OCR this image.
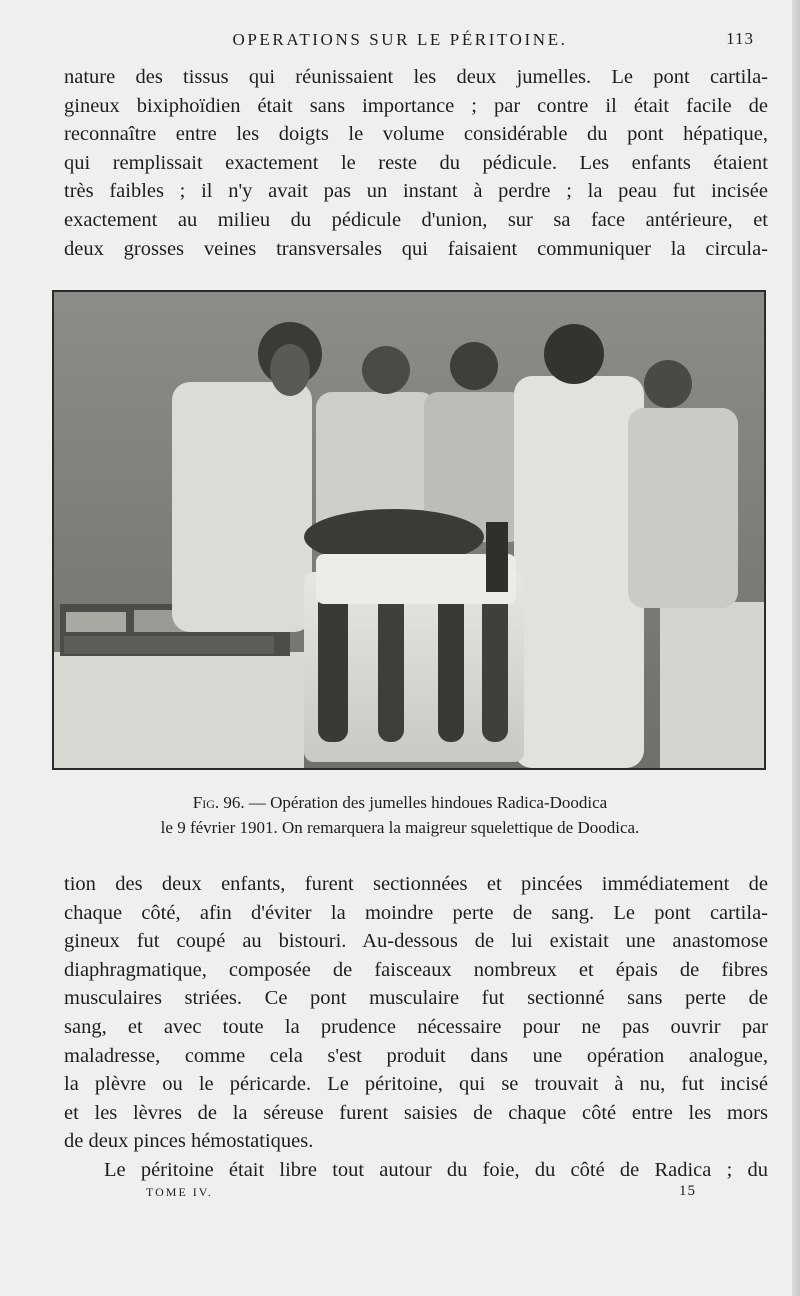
OPERATIONS SUR LE PÉRITOINE.	113
nature des tissus qui réunissaient les deux jumelles. Le pont cartila-
gineux bixiphoïdien était sans importance ; par contre il était facile de
reconnaître entre les doigts le volume considérable du pont hépatique,
qui remplissait exactement le reste du pédicule. Les enfants étaient
très faibles ; il n'y avait pas un instant à perdre ; la peau fut incisée
exactement au milieu du pédicule d'union, sur sa face antérieure, et
deux grosses veines transversales qui faisaient communiquer la circula-
Fig. 96. — Opération des jumelles hindoues Radica-Doodica
le 9 février 1901. On remarquera la maigreur squelettique de Doodica.
tion des deux enfants, furent sectionnées et pincées immédiatement de
chaque côté, afin d'éviter la moindre perte de sang. Le pont cartila-
gineux fut coupé au bistouri. Au-dessous de lui existait une anastomose
diaphragmatique, composée de faisceaux nombreux et épais de fibres
musculaires striées. Ce pont musculaire fut sectionné sans perte de
sang, et avec toute la prudence nécessaire pour ne pas ouvrir par
maladresse, comme cela s'est produit dans une opération analogue,
la plèvre ou le péricarde. Le péritoine, qui se trouvait à nu, fut incisé
et les lèvres de la séreuse furent saisies de chaque côté entre les mors
de deux pinces hémostatiques.
Le péritoine était libre tout autour du foie, du côté de Radica ; du
TOME IV.	15
